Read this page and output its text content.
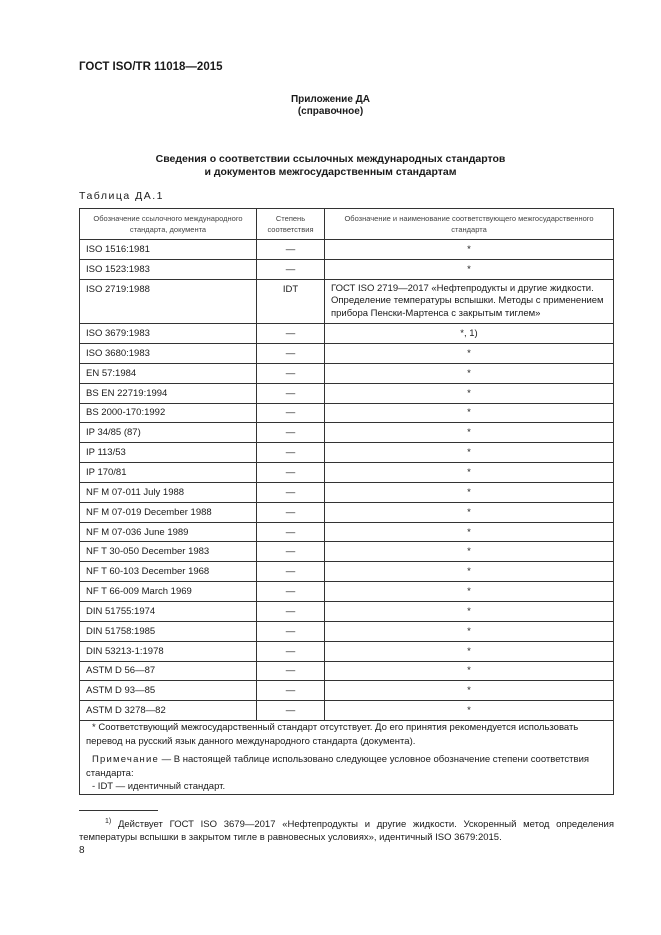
ГОСТ ISO/TR 11018—2015
Приложение ДА
(справочное)
Сведения о соответствии ссылочных международных стандартов
и документов межгосударственным стандартам
Таблица ДА.1
Обозначение ссылочного международного стандарта, документа	Степень соответствия	Обозначение и наименование соответствующего межгосударственного стандарта
ISO 1516:1981	—	*
ISO 1523:1983	—	*
ISO 2719:1988	IDT	ГОСТ ISO 2719—2017 «Нефтепродукты и другие жидкости. Определение температуры вспышки. Методы с применением прибора Пенски-Мартенса с закрытым тиглем»
ISO 3679:1983	—	*, 1)
ISO 3680:1983	—	*
EN 57:1984	—	*
BS EN 22719:1994	—	*
BS 2000-170:1992	—	*
IP 34/85 (87)	—	*
IP 113/53	—	*
IP 170/81	—	*
NF M 07-011 July 1988	—	*
NF M 07-019 December 1988	—	*
NF M 07-036 June 1989	—	*
NF T 30-050 December 1983	—	*
NF T 60-103 December 1968	—	*
NF T 66-009 March 1969	—	*
DIN 51755:1974	—	*
DIN 51758:1985	—	*
DIN 53213-1:1978	—	*
ASTM D 56—87	—	*
ASTM D 93—85	—	*
ASTM D 3278—82	—	*

* Соответствующий межгосударственный стандарт отсутствует. До его принятия рекомендуется использовать перевод на русский язык данного международного стандарта (документа).

Примечание — В настоящей таблице использовано следующее условное обозначение степени соответствия стандарта:

- IDT — идентичный стандарт.		
$^{1)}$ Действует ГОСТ ISO 3679—2017 «Нефтепродукты и другие жидкости. Ускоренный метод определения температуры вспышки в закрытом тигле в равновесных условиях», идентичный ISO 3679:2015.
8
